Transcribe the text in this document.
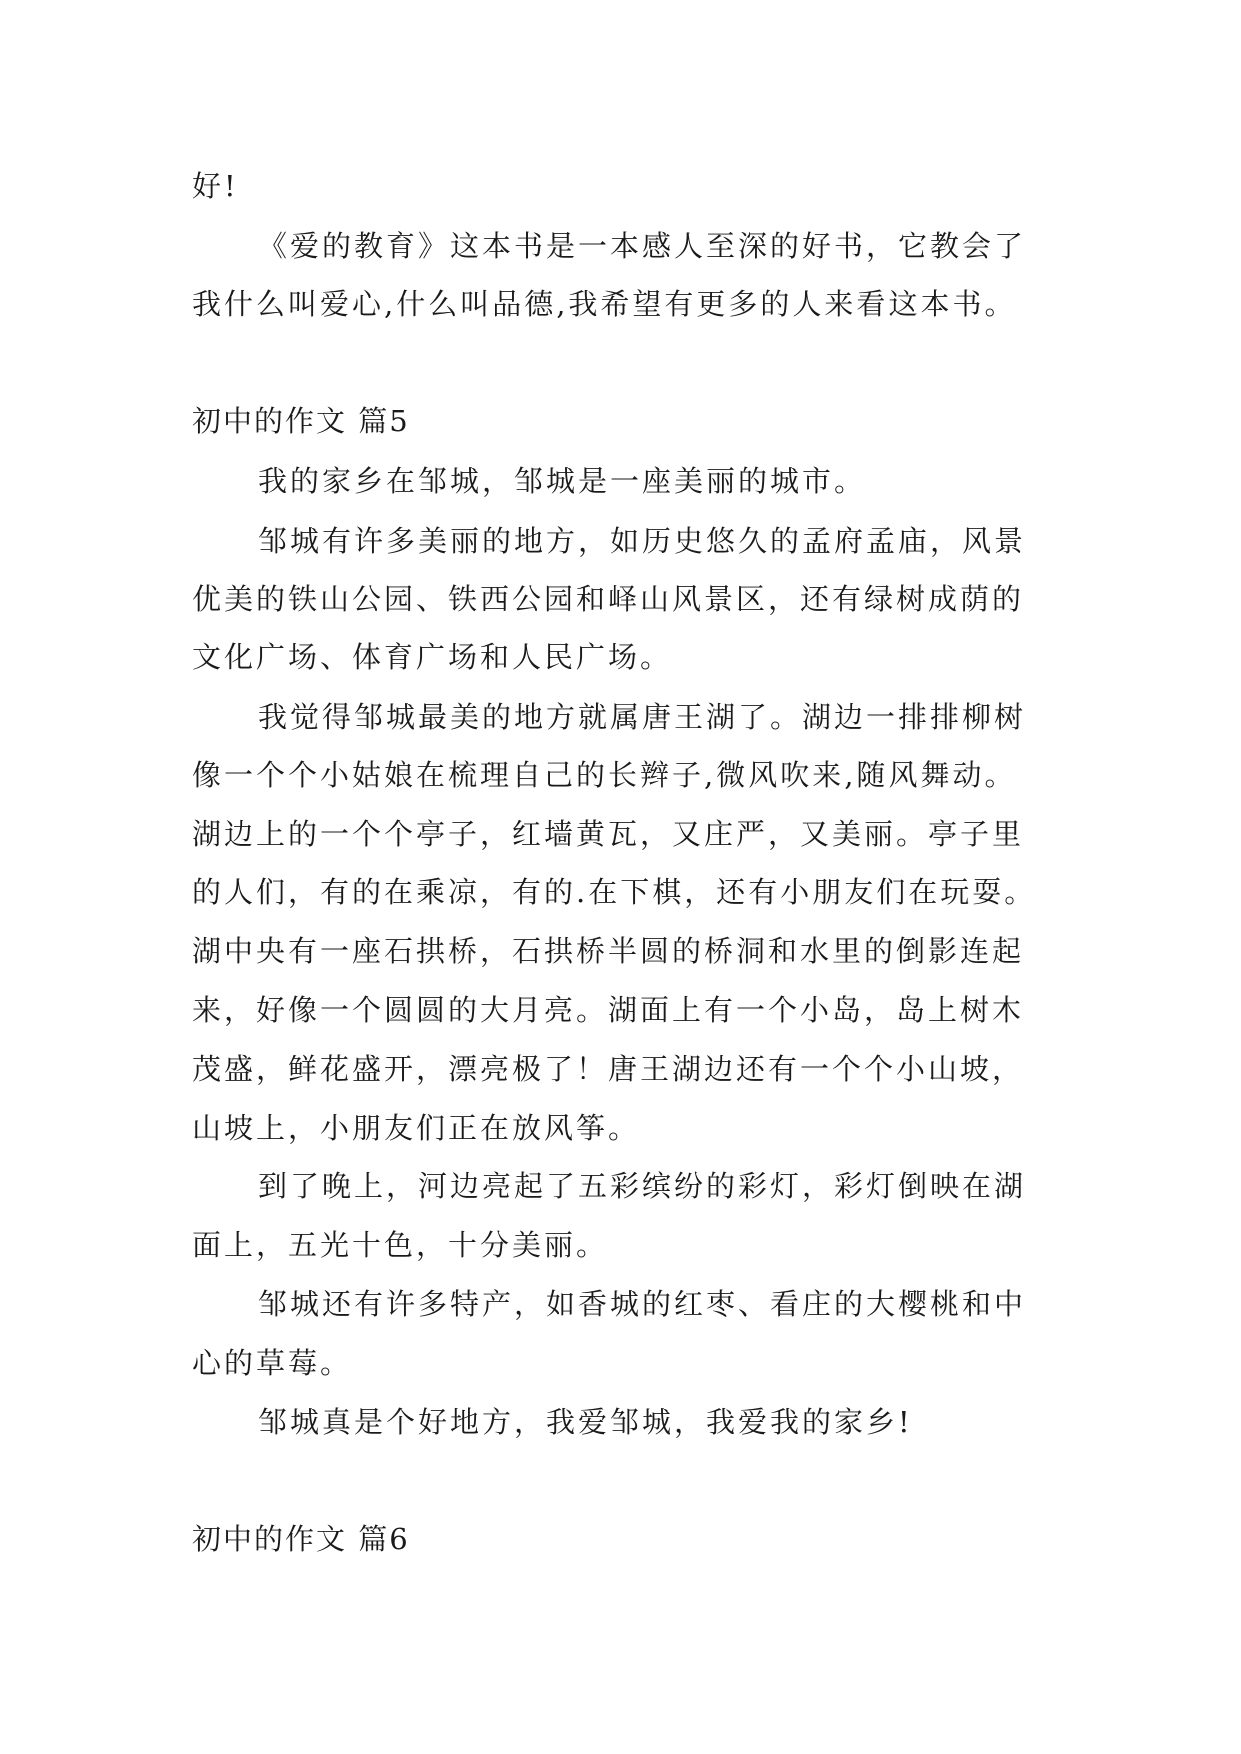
好!
《爱的教育》这本书是一本感人至深的好书，它教会了
我什么叫爱心,什么叫品德,我希望有更多的人来看这本书。
初中的作文 篇5
我的家乡在邹城，邹城是一座美丽的城市。
邹城有许多美丽的地方，如历史悠久的孟府孟庙，风景
优美的铁山公园、铁西公园和峄山风景区，还有绿树成荫的
文化广场、体育广场和人民广场。
我觉得邹城最美的地方就属唐王湖了。湖边一排排柳树
像一个个小姑娘在梳理自己的长辫子,微风吹来,随风舞动。
湖边上的一个个亭子，红墙黄瓦，又庄严，又美丽。亭子里
的人们，有的在乘凉，有的.在下棋，还有小朋友们在玩耍。
湖中央有一座石拱桥，石拱桥半圆的桥洞和水里的倒影连起
来，好像一个圆圆的大月亮。湖面上有一个小岛，岛上树木
茂盛，鲜花盛开，漂亮极了！唐王湖边还有一个个小山坡，
山坡上，小朋友们正在放风筝。
到了晚上，河边亮起了五彩缤纷的彩灯，彩灯倒映在湖
面上，五光十色，十分美丽。
邹城还有许多特产，如香城的红枣、看庄的大樱桃和中
心的草莓。
邹城真是个好地方，我爱邹城，我爱我的家乡!
初中的作文 篇6
